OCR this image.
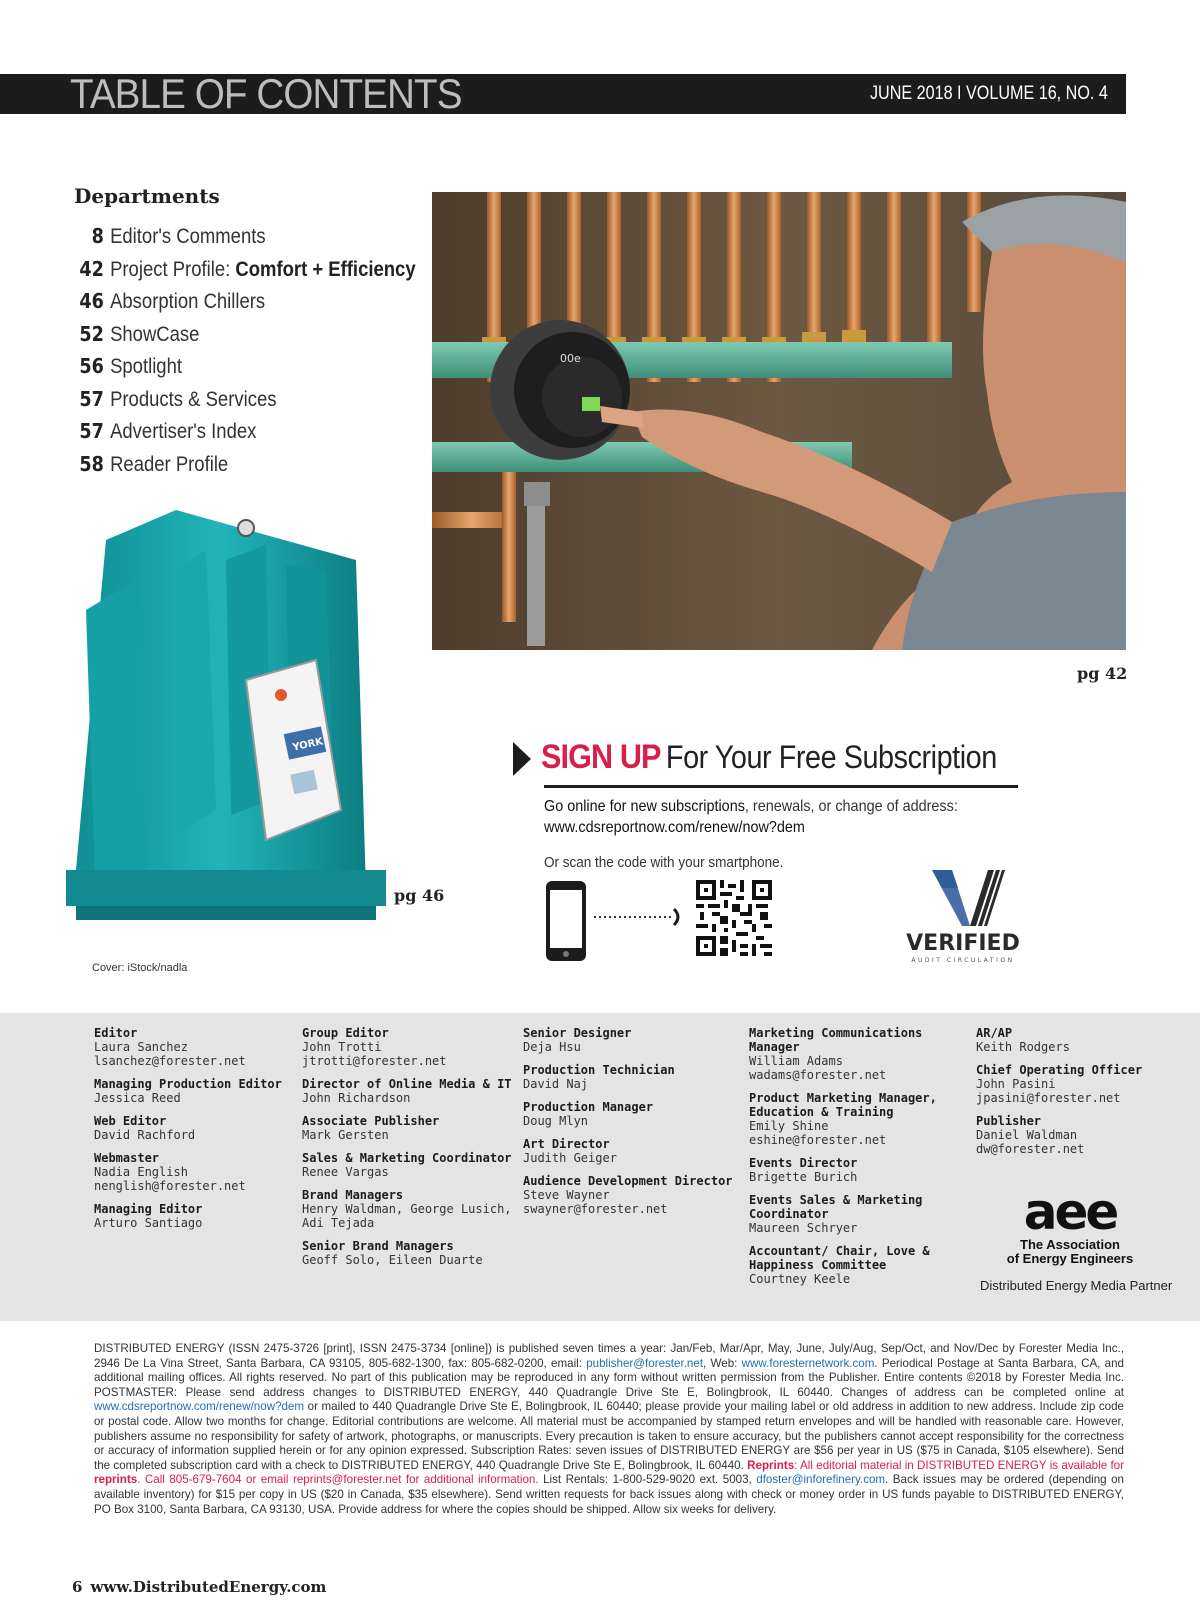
TABLE OF CONTENTS	JUNE 2018 I VOLUME 16, NO. 4
Departments
8 Editor's Comments
42 Project Profile: Comfort + Efficiency
46 Absorption Chillers
52 ShowCase
56 Spotlight
57 Products & Services
57 Advertiser's Index
58 Reader Profile
00e
pg 42
YORK
pg 46
Cover: iStock/nadla
SIGN UP For Your Free Subscription
Go online for new subscriptions, renewals, or change of address:
www.cdsreportnow.com/renew/now?dem
Or scan the code with your smartphone.
VERIFIED
AUDIT CIRCULATION
Editor
Laura Sanchez
lsanchez@forester.net
Managing Production Editor
Jessica Reed
Web Editor
David Rachford
Webmaster
Nadia English
nenglish@forester.net
Managing Editor
Arturo Santiago
Group Editor
John Trotti
jtrotti@forester.net
Director of Online Media & IT
John Richardson
Associate Publisher
Mark Gersten
Sales & Marketing Coordinator
Renee Vargas
Brand Managers
Henry Waldman, George Lusich,
Adi Tejada
Senior Brand Managers
Geoff Solo, Eileen Duarte
Senior Designer
Deja Hsu
Production Technician
David Naj
Production Manager
Doug Mlyn
Art Director
Judith Geiger
Audience Development Director
Steve Wayner
swayner@forester.net
Marketing Communications Manager
William Adams
wadams@forester.net
Product Marketing Manager, Education & Training
Emily Shine
eshine@forester.net
Events Director
Brigette Burich
Events Sales & Marketing Coordinator
Maureen Schryer
Accountant/ Chair, Love & Happiness Committee
Courtney Keele
AR/AP
Keith Rodgers
Chief Operating Officer
John Pasini
jpasini@forester.net
Publisher
Daniel Waldman
dw@forester.net
aee
The Association
of Energy Engineers
Distributed Energy Media Partner
DISTRIBUTED ENERGY (ISSN 2475-3726 [print], ISSN 2475-3734 [online]) is published seven times a year: Jan/Feb, Mar/Apr, May, June, July/Aug, Sep/Oct, and Nov/Dec by Forester Media Inc., 2946 De La Vina Street, Santa Barbara, CA 93105, 805-682-1300, fax: 805-682-0200, email: publisher@forester.net, Web: www.foresternetwork.com. Periodical Postage at Santa Barbara, CA, and additional mailing offices. All rights reserved. No part of this publication may be reproduced in any form without written permission from the Publisher. Entire contents ©2018 by Forester Media Inc. POSTMASTER: Please send address changes to DISTRIBUTED ENERGY, 440 Quadrangle Drive Ste E, Bolingbrook, IL 60440. Changes of address can be completed online at www.cdsreportnow.com/renew/now?dem or mailed to 440 Quadrangle Drive Ste E, Bolingbrook, IL 60440; please provide your mailing label or old address in addition to new address. Include zip code or postal code. Allow two months for change. Editorial contributions are welcome. All material must be accompanied by stamped return envelopes and will be handled with reasonable care. However, publishers assume no responsibility for safety of artwork, photographs, or manuscripts. Every precaution is taken to ensure accuracy, but the publishers cannot accept responsibility for the correctness or accuracy of information supplied herein or for any opinion expressed. Subscription Rates: seven issues of DISTRIBUTED ENERGY are $56 per year in US ($75 in Canada, $105 elsewhere). Send the completed subscription card with a check to DISTRIBUTED ENERGY, 440 Quadrangle Drive Ste E, Bolingbrook, IL 60440. Reprints: All editorial material in DISTRIBUTED ENERGY is available for reprints. Call 805-679-7604 or email reprints@forester.net for additional information. List Rentals: 1-800-529-9020 ext. 5003, dfoster@inforefinery.com. Back issues may be ordered (depending on available inventory) for $15 per copy in US ($20 in Canada, $35 elsewhere). Send written requests for back issues along with check or money order in US funds payable to DISTRIBUTED ENERGY, PO Box 3100, Santa Barbara, CA 93130, USA. Provide address for where the copies should be shipped. Allow six weeks for delivery.
6 www.DistributedEnergy.com
